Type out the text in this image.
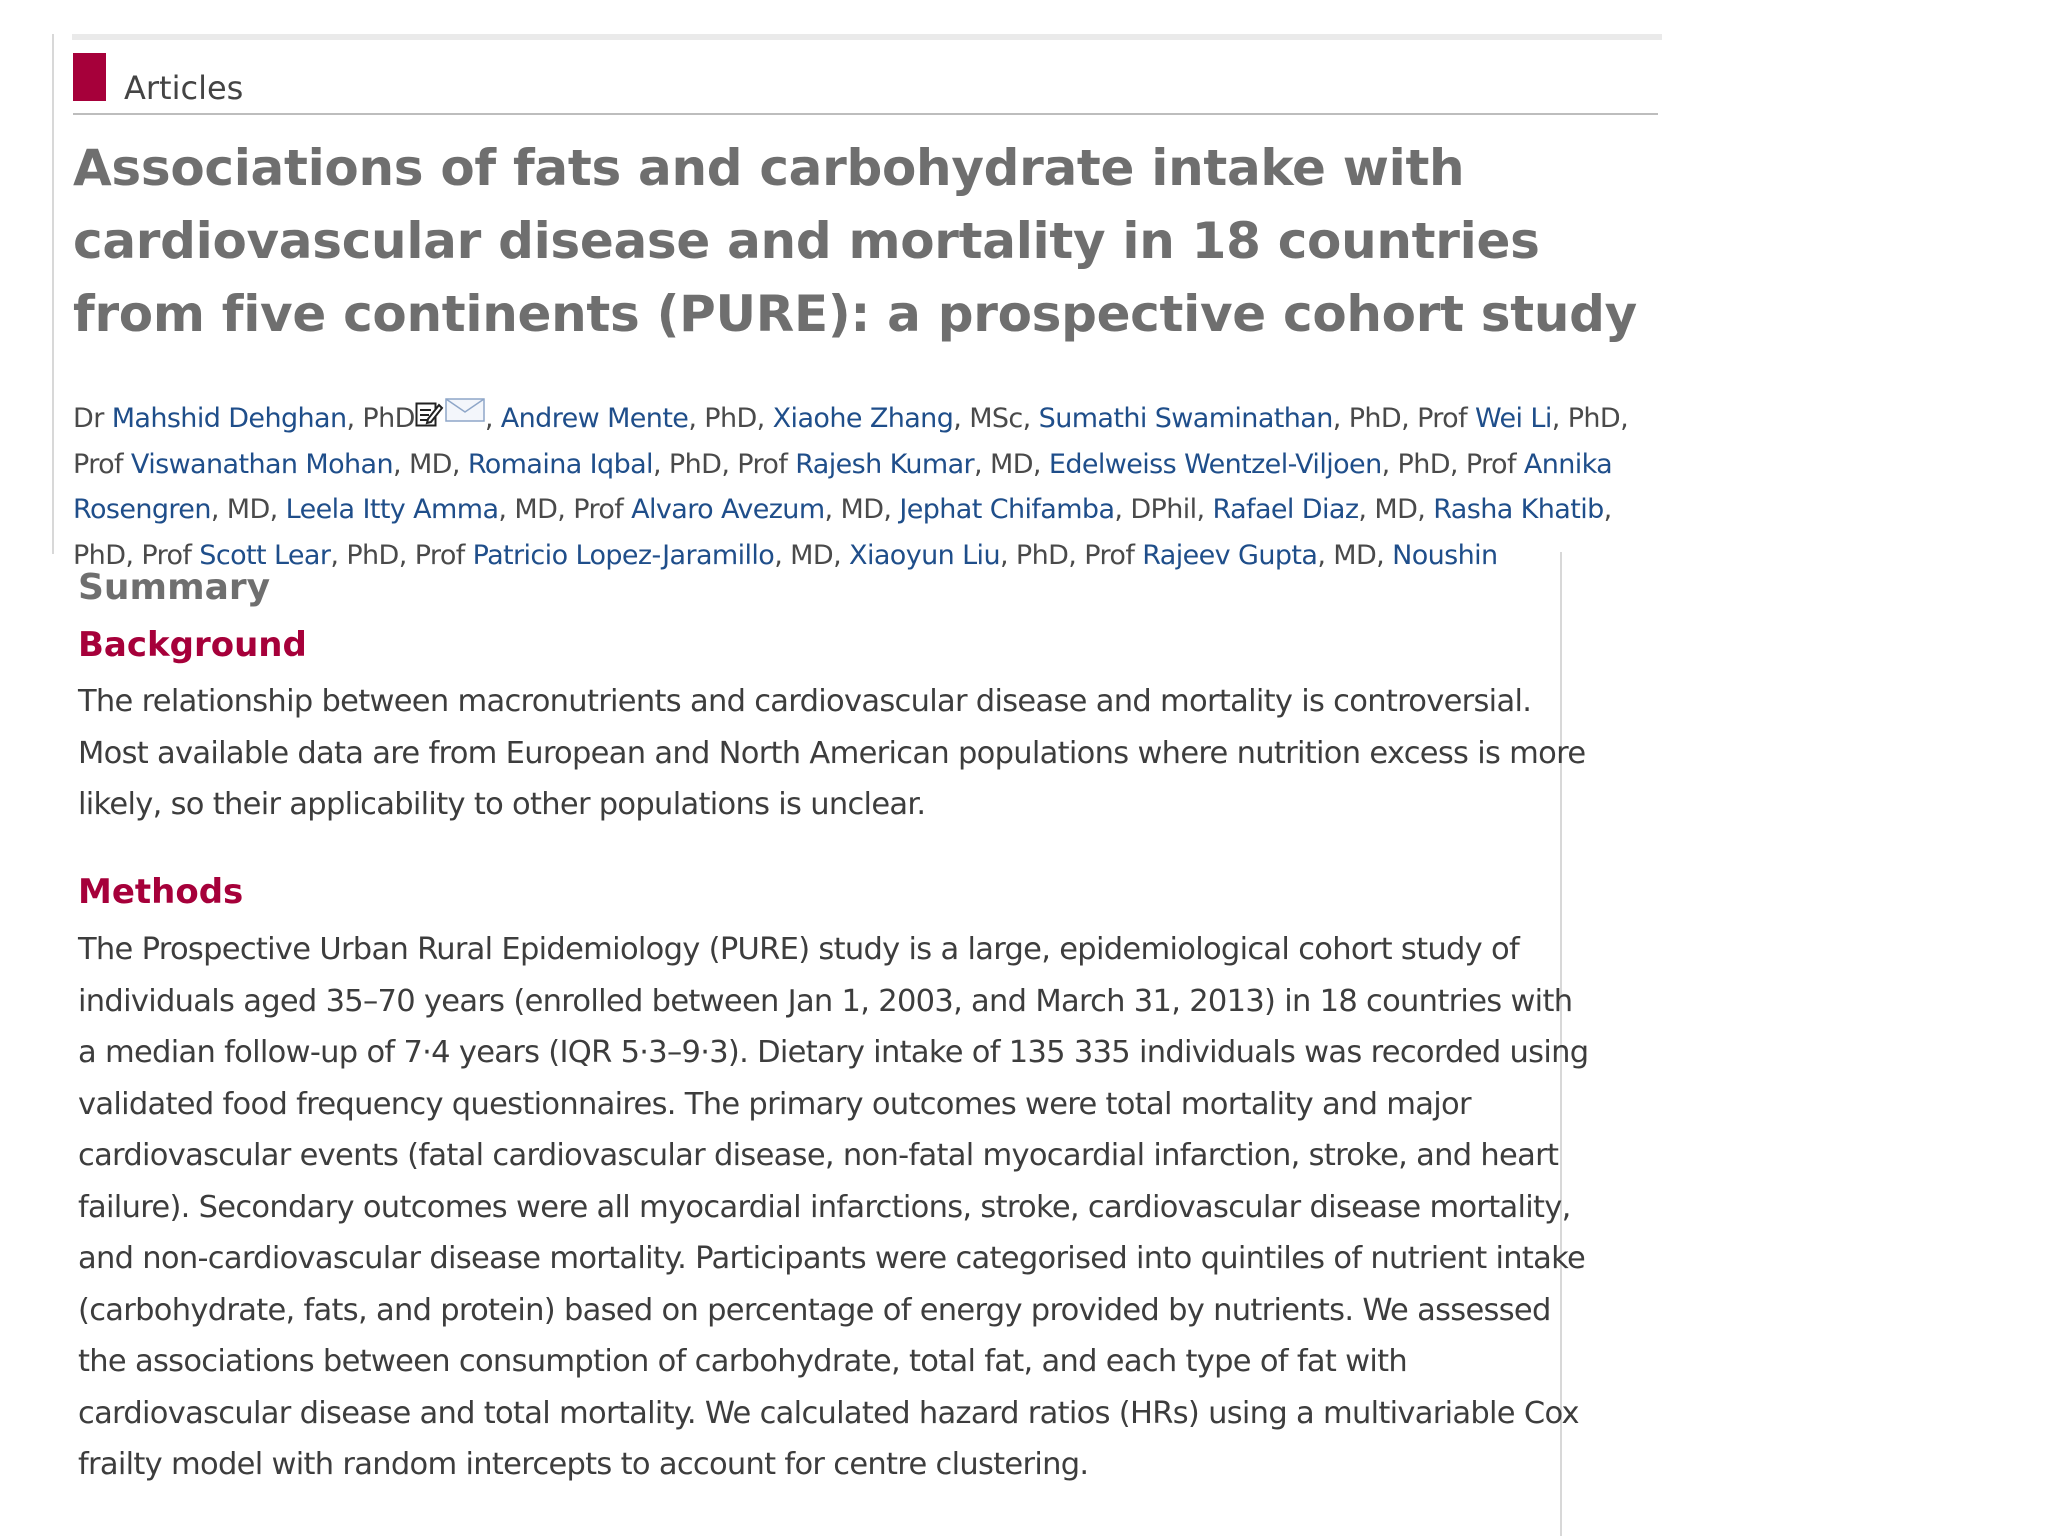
Articles
Associations of fats and carbohydrate intake with cardiovascular disease and mortality in 18 countries from five continents (PURE): a prospective cohort study

Dr Mahshid Dehghan, PhD	, Andrew Mente, PhD, Xiaohe Zhang, MSc, Sumathi Swaminathan, PhD, Prof Wei Li, PhD, Prof Viswanathan Mohan, MD, Romaina Iqbal, PhD, Prof Rajesh Kumar, MD, Edelweiss Wentzel-Viljoen, PhD, Prof Annika Rosengren, MD, Leela Itty Amma, MD, Prof Alvaro Avezum, MD, Jephat Chifamba, DPhil, Rafael Diaz, MD, Rasha Khatib, PhD, Prof Scott Lear, PhD, Prof Patricio Lopez-Jaramillo, MD, Xiaoyun Liu, PhD, Prof Rajeev Gupta, MD, Noushin

Summary
Background

The relationship between macronutrients and cardiovascular disease and mortality is controversial. Most available data are from European and North American populations where nutrition excess is more likely, so their applicability to other populations is unclear.

Methods

The Prospective Urban Rural Epidemiology (PURE) study is a large, epidemiological cohort study of individuals aged 35–70 years (enrolled between Jan 1, 2003, and March 31, 2013) in 18 countries with a median follow-up of 7·4 years (IQR 5·3–9·3). Dietary intake of 135 335 individuals was recorded using validated food frequency questionnaires. The primary outcomes were total mortality and major cardiovascular events (fatal cardiovascular disease, non-fatal myocardial infarction, stroke, and heart failure). Secondary outcomes were all myocardial infarctions, stroke, cardiovascular disease mortality, and non-cardiovascular disease mortality. Participants were categorised into quintiles of nutrient intake (carbohydrate, fats, and protein) based on percentage of energy provided by nutrients. We assessed the associations between consumption of carbohydrate, total fat, and each type of fat with cardiovascular disease and total mortality. We calculated hazard ratios (HRs) using a multivariable Cox frailty model with random intercepts to account for centre clustering.
